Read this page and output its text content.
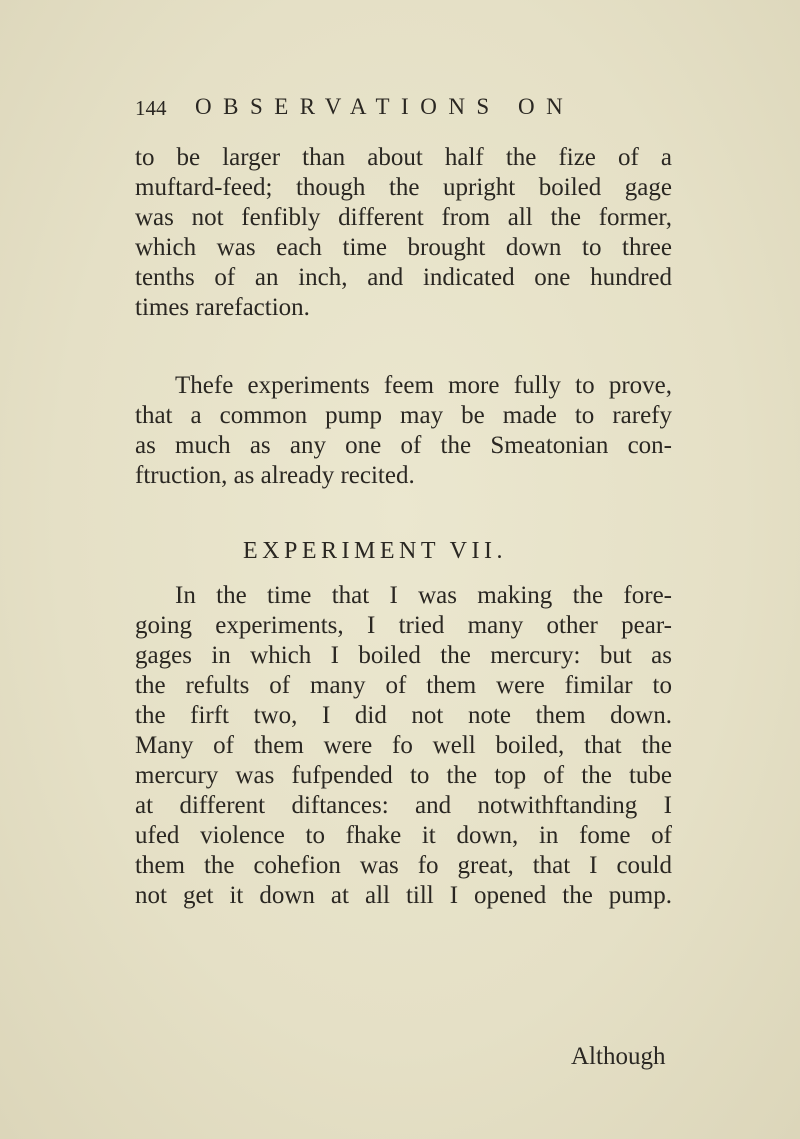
144 OBSERVATIONS ON
to be larger than about half the fize of a
muftard-feed; though the upright boiled gage
was not fenfibly different from all the former,
which was each time brought down to three
tenths of an inch, and indicated one hundred
times rarefaction.
Thefe experiments feem more fully to prove,
that a common pump may be made to rarefy
as much as any one of the Smeatonian con-
ftruction, as already recited.
EXPERIMENT VII.
In the time that I was making the fore-
going experiments, I tried many other pear-
gages in which I boiled the mercury: but as
the refults of many of them were fimilar to
the firft two, I did not note them down.
Many of them were fo well boiled, that the
mercury was fufpended to the top of the tube
at different diftances: and notwithftanding I
ufed violence to fhake it down, in fome of
them the cohefion was fo great, that I could
not get it down at all till I opened the pump.
Although
